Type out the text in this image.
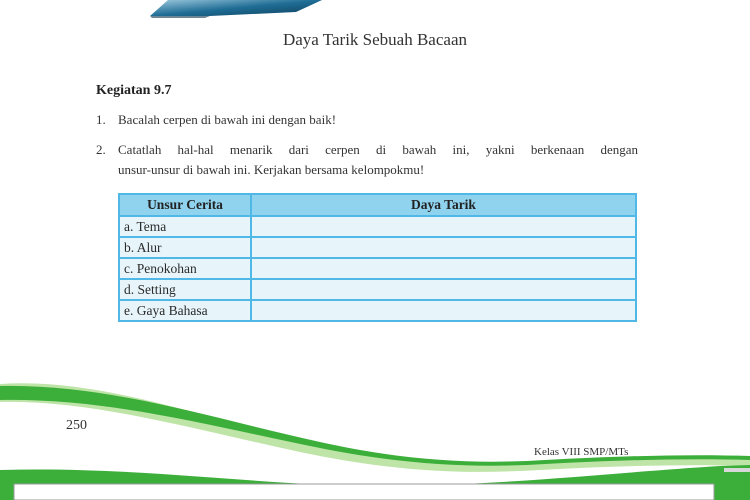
Daya Tarik Sebuah Bacaan
Kegiatan 9.7
1. Bacalah cerpen di bawah ini dengan baik!
2. Catatlah hal-hal menarik dari cerpen di bawah ini, yakni berkenaan dengan
unsur-unsur di bawah ini. Kerjakan bersama kelompokmu!
Unsur Cerita	Daya Tarik
a. Tema	
b. Alur	
c. Penokohan	
d. Setting	
e. Gaya Bahasa	
250
Kelas VIII SMP/MTs
